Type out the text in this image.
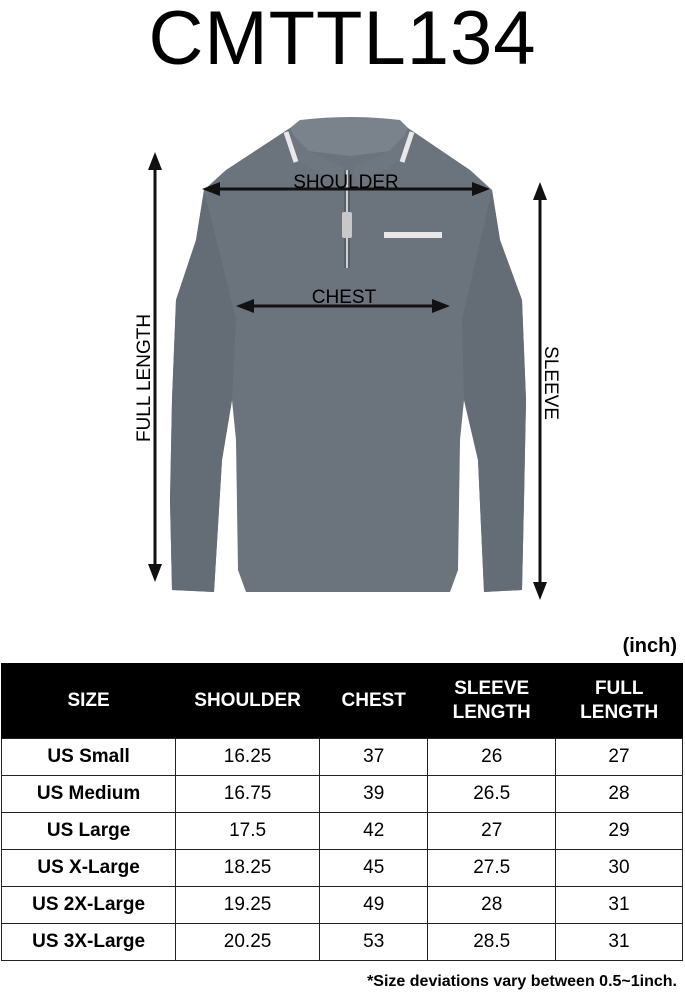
CMTTL134
SHOULDER
CHEST
FULL LENGTH	SLEEVE
(inch)
SIZE	SHOULDER	CHEST	SLEEVE LENGTH	FULL LENGTH
US Small	16.25	37	26	27
US Medium	16.75	39	26.5	28
US Large	17.5	42	27	29
US X-Large	18.25	45	27.5	30
US 2X-Large	19.25	49	28	31
US 3X-Large	20.25	53	28.5	31
*Size deviations vary between 0.5~1inch.
